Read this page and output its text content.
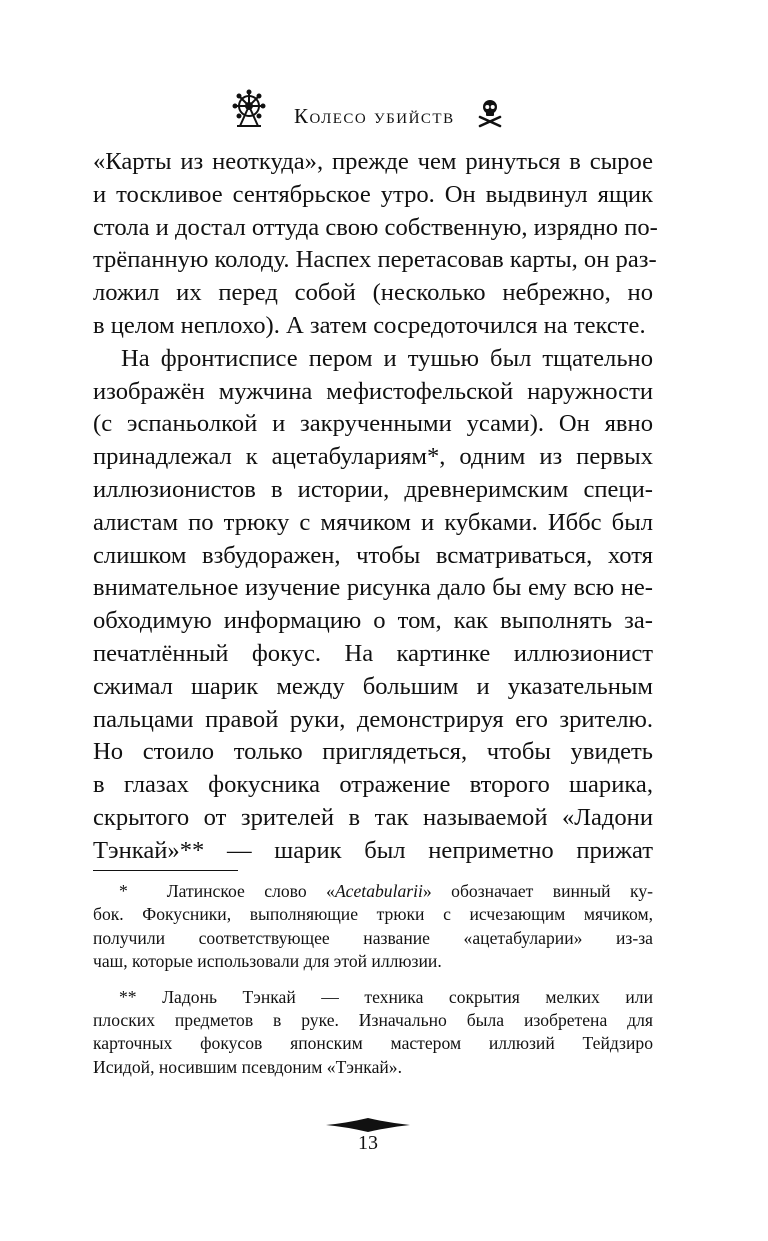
Колесо убийств
«Карты из неоткуда», прежде чем ринуться в сырое
и тоскливое сентябрьское утро. Он выдвинул ящик
стола и достал оттуда свою собственную, изрядно по-
трёпанную колоду. Наспех перетасовав карты, он раз-
ложил их перед собой (несколько небрежно, но
в целом неплохо). А затем сосредоточился на тексте.
На фронтисписе пером и тушью был тщательно
изображён мужчина мефистофельской наружности
(с эспаньолкой и закрученными усами). Он явно
принадлежал к ацетабулариям*, одним из первых
иллюзионистов в истории, древнеримским специ-
алистам по трюку с мячиком и кубками. Иббс был
слишком взбудоражен, чтобы всматриваться, хотя
внимательное изучение рисунка дало бы ему всю не-
обходимую информацию о том, как выполнять за-
печатлённый фокус. На картинке иллюзионист
сжимал шарик между большим и указательным
пальцами правой руки, демонстрируя его зрителю.
Но стоило только приглядеться, чтобы увидеть
в глазах фокусника отражение второго шарика,
скрытого от зрителей в так называемой «Ладони
Тэнкай»** — шарик был неприметно прижат
* Латинское слово «Acetabularii» обозначает винный ку-
бок. Фокусники, выполняющие трюки с исчезающим мячиком,
получили соответствующее название «ацетабуларии» из-за
чаш, которые использовали для этой иллюзии.
** Ладонь Тэнкай — техника сокрытия мелких или
плоских предметов в руке. Изначально была изобретена для
карточных фокусов японским мастером иллюзий Тейдзиро
Исидой, носившим псевдоним «Тэнкай».
13
